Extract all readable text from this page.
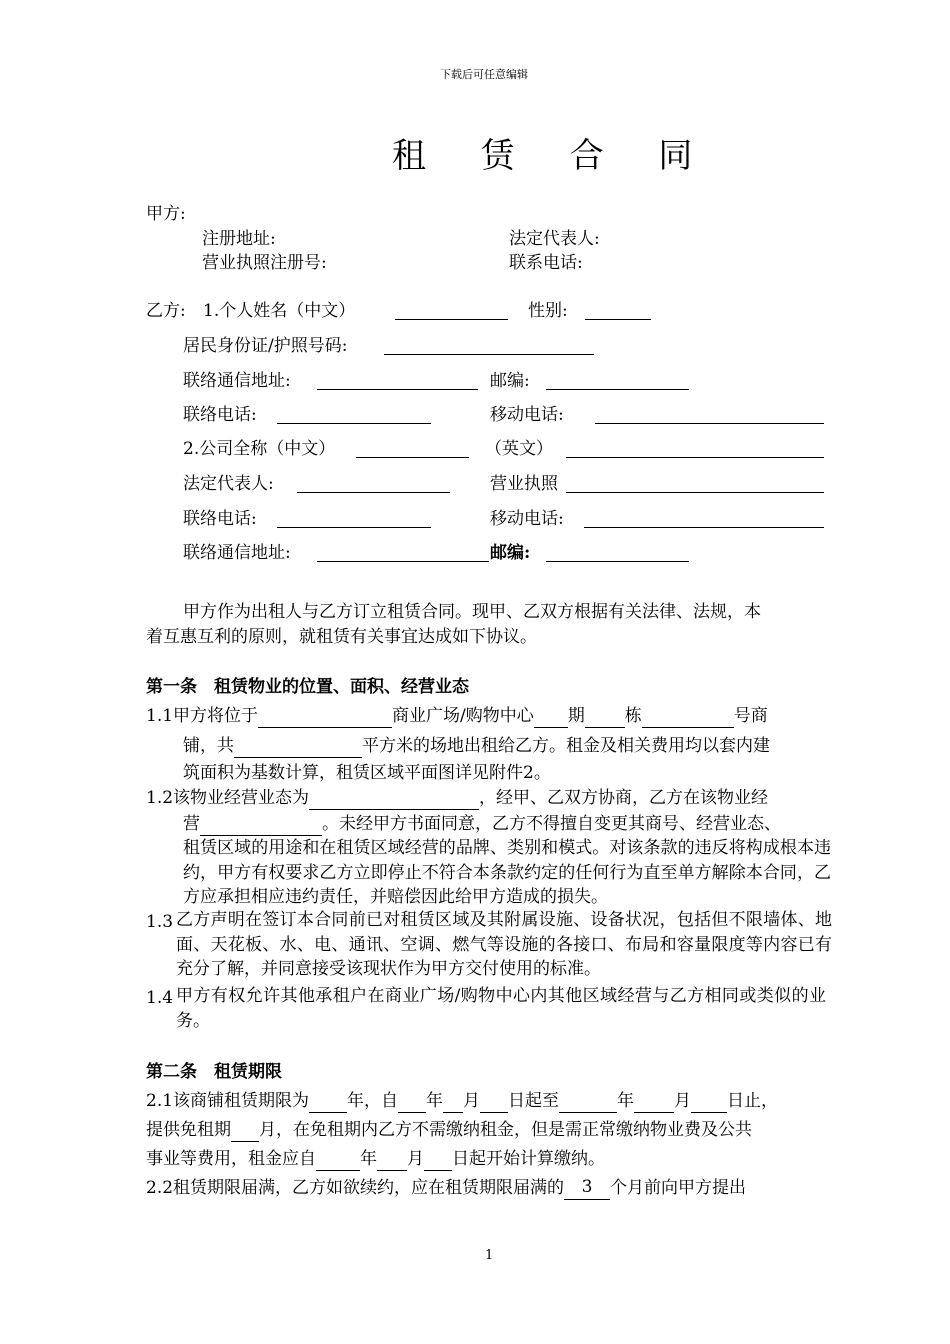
下载后可任意编辑
租 赁 合 同
甲方:
注册地址:	法定代表人:
营业执照注册号:	联系电话:
乙方: 1.个人姓名（中文）	性别:
居民身份证/护照号码:
联络通信地址:	邮编:
联络电话:	移动电话:
2.公司全称（中文）	（英文）
法定代表人:	营业执照
联络电话:	移动电话:
联络通信地址:	邮编:
甲方作为出租人与乙方订立租赁合同。现甲、乙双方根据有关法律、法规，本
着互惠互利的原则，就租赁有关事宜达成如下协议。
第一条　租赁物业的位置、面积、经营业态
1.1甲方将位于	商业广场/购物中心 期 栋	号商
铺，共	平方米的场地出租给乙方。租金及相关费用均以套内建
筑面积为基数计算，租赁区域平面图详见附件2。
1.2该物业经营业态为	，经甲、乙双方协商，乙方在该物业经
营	。未经甲方书面同意，乙方不得擅自变更其商号、经营业态、
租赁区域的用途和在租赁区域经营的品牌、类别和模式。对该条款的违反将构成根本违约，甲方有权要求乙方立即停止不符合本条款约定的任何行为直至单方解除本合同，乙方应承担相应违约责任，并赔偿因此给甲方造成的损失。
1.3 乙方声明在签订本合同前已对租赁区域及其附属设施、设备状况，包括但不限墙体、地面、天花板、水、电、通讯、空调、燃气等设施的各接口、布局和容量限度等内容已有充分了解，并同意接受该现状作为甲方交付使用的标准。
1.4 甲方有权允许其他承租户在商业广场/购物中心内其他区域经营与乙方相同或类似的业务。
第二条　租赁期限
2.1该商铺租赁期限为 年，自 年 月 日起至	年 月 日止，
提供免租期 月，在免租期内乙方不需缴纳租金，但是需正常缴纳物业费及公共
事业等费用，租金应自	年 月 日起开始计算缴纳。
2.2租赁期限届满，乙方如欲续约，应在租赁期限届满的 3 个月前向甲方提出
1
